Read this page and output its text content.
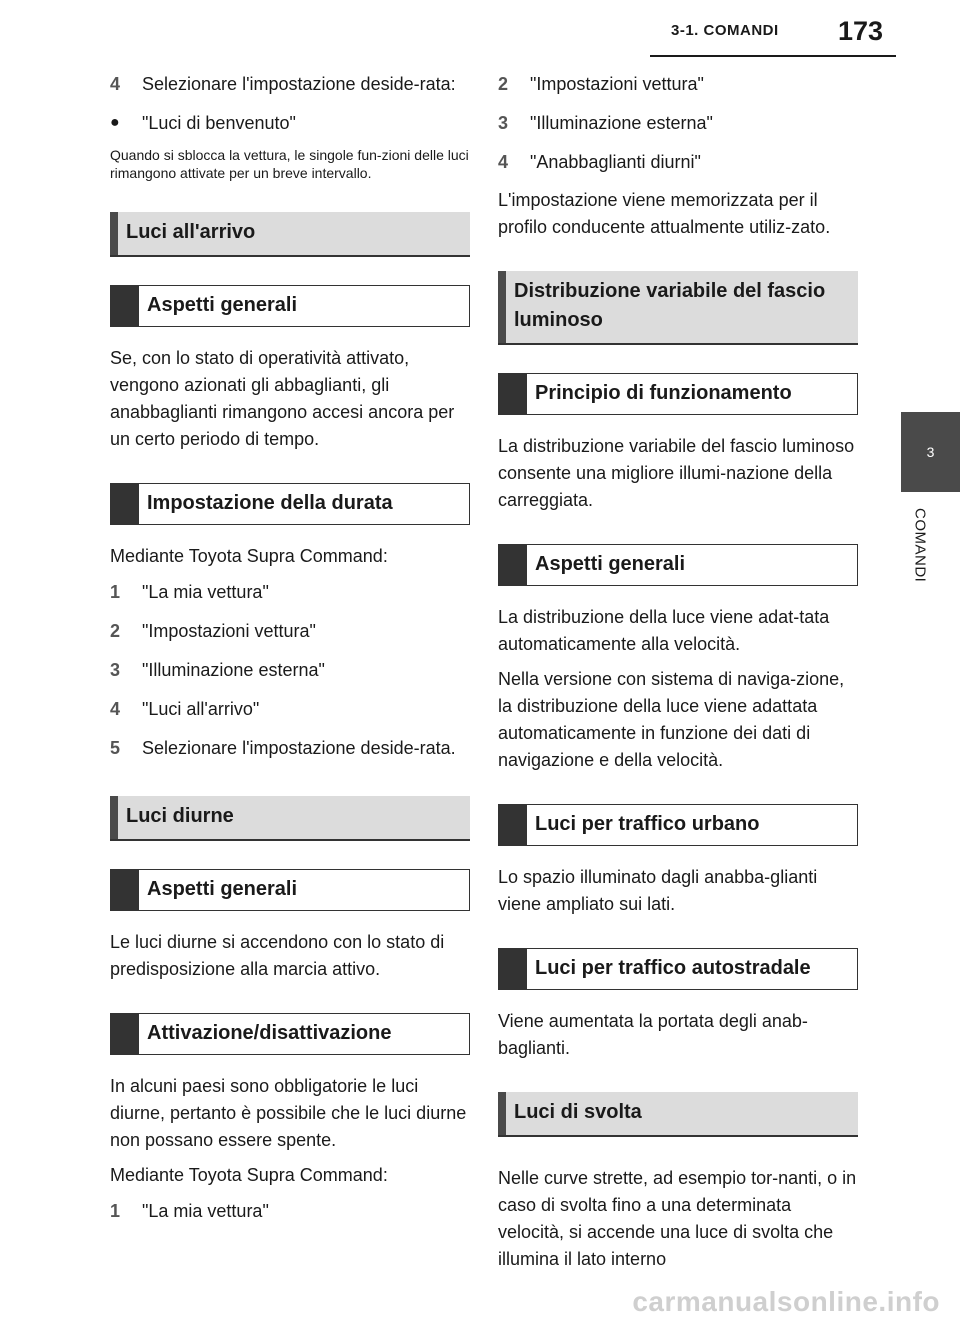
3-1. COMANDI 173
3
COMANDI
4	Selezionare l'impostazione deside-rata:
●	"Luci di benvenuto"
Quando si sblocca la vettura, le singole fun-zioni delle luci rimangono attivate per un breve intervallo.
Luci all'arrivo
Aspetti generali
Se, con lo stato di operatività attivato, vengono azionati gli abbaglianti, gli anabbaglianti rimangono accesi ancora per un certo periodo di tempo.
Impostazione della durata
Mediante Toyota Supra Command:
1	"La mia vettura"
2	"Impostazioni vettura"
3	"Illuminazione esterna"
4	"Luci all'arrivo"
5	Selezionare l'impostazione deside-rata.
Luci diurne
Aspetti generali
Le luci diurne si accendono con lo stato di predisposizione alla marcia attivo.
Attivazione/disattivazione
In alcuni paesi sono obbligatorie le luci diurne, pertanto è possibile che le luci diurne non possano essere spente.
Mediante Toyota Supra Command:
1	"La mia vettura"
2	"Impostazioni vettura"
3	"Illuminazione esterna"
4	"Anabbaglianti diurni"
L'impostazione viene memorizzata per il profilo conducente attualmente utiliz-zato.
Distribuzione variabile del fascio luminoso
Principio di funzionamento
La distribuzione variabile del fascio luminoso consente una migliore illumi-nazione della carreggiata.
Aspetti generali
La distribuzione della luce viene adat-tata automaticamente alla velocità.
Nella versione con sistema di naviga-zione, la distribuzione della luce viene adattata automaticamente in funzione dei dati di navigazione e della velocità.
Luci per traffico urbano
Lo spazio illuminato dagli anabba-glianti viene ampliato sui lati.
Luci per traffico autostradale
Viene aumentata la portata degli anab-baglianti.
Luci di svolta
Nelle curve strette, ad esempio tor-nanti, o in caso di svolta fino a una determinata velocità, si accende una luce di svolta che illumina il lato interno
carmanualsonline.info
